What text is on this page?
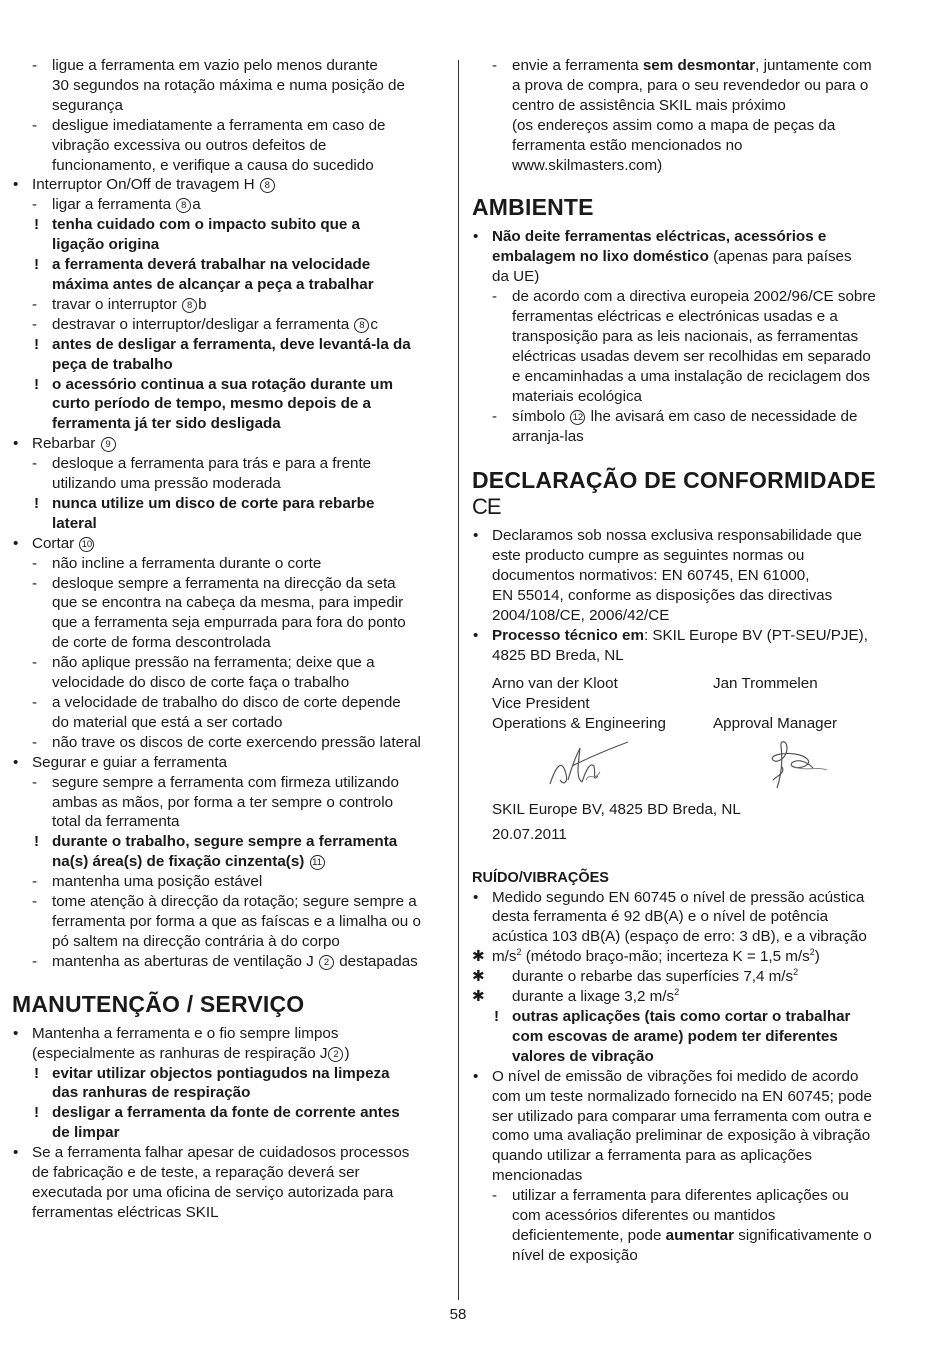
- ligue a ferramenta em vazio pelo menos durante
30 segundos na rotação máxima e numa posição de
segurança
- desligue imediatamente a ferramenta em caso de
vibração excessiva ou outros defeitos de
funcionamento, e verifique a causa do sucedido
• Interruptor On/Off de travagem H 8
- ligar a ferramenta 8 a
! tenha cuidado com o impacto subito que a
ligação origina
! a ferramenta deverá trabalhar na velocidade
máxima antes de alcançar a peça a trabalhar
- travar o interruptor 8 b
- destravar o interruptor/desligar a ferramenta 8 c
! antes de desligar a ferramenta, deve levantá-la da
peça de trabalho
! o acessório continua a sua rotação durante um
curto período de tempo, mesmo depois de a
ferramenta já ter sido desligada
• Rebarbar 9
- desloque a ferramenta para trás e para a frente
utilizando uma pressão moderada
! nunca utilize um disco de corte para rebarbe
lateral
• Cortar 10
- não incline a ferramenta durante o corte
- desloque sempre a ferramenta na direcção da seta
que se encontra na cabeça da mesma, para impedir
que a ferramenta seja empurrada para fora do ponto
de corte de forma descontrolada
- não aplique pressão na ferramenta; deixe que a
velocidade do disco de corte faça o trabalho
- a velocidade de trabalho do disco de corte depende
do material que está a ser cortado
- não trave os discos de corte exercendo pressão lateral
• Segurar e guiar a ferramenta
- segure sempre a ferramenta com firmeza utilizando
ambas as mãos, por forma a ter sempre o controlo
total da ferramenta
! durante o trabalho, segure sempre a ferramenta
na(s) área(s) de fixação cinzenta(s) 11
- mantenha uma posição estável
- tome atenção à direcção da rotação; segure sempre a
ferramenta por forma a que as faíscas e a limalha ou o
pó saltem na direcção contrária à do corpo
- mantenha as aberturas de ventilação J 2 destapadas
MANUTENÇÃO / SERVIÇO
• Mantenha a ferramenta e o fio sempre limpos
(especialmente as ranhuras de respiração J 2 )
! evitar utilizar objectos pontiagudos na limpeza
das ranhuras de respiração
! desligar a ferramenta da fonte de corrente antes
de limpar
• Se a ferramenta falhar apesar de cuidadosos processos
de fabricação e de teste, a reparação deverá ser
executada por uma oficina de serviço autorizada para
ferramentas eléctricas SKIL
- envie a ferramenta sem desmontar, juntamente com
a prova de compra, para o seu revendedor ou para o
centro de assistência SKIL mais próximo
(os endereços assim como a mapa de peças da
ferramenta estão mencionados no
www.skilmasters.com)
AMBIENTE
• Não deite ferramentas eléctricas, acessórios e
embalagem no lixo doméstico (apenas para países
da UE)
- de acordo com a directiva europeia 2002/96/CE sobre
ferramentas eléctricas e electrónicas usadas e a
transposição para as leis nacionais, as ferramentas
eléctricas usadas devem ser recolhidas em separado
e encaminhadas a uma instalação de reciclagem dos
materiais ecológica
- símbolo 12 lhe avisará em caso de necessidade de
arranja-las
DECLARAÇÃO DE CONFORMIDADE
CE
• Declaramos sob nossa exclusiva responsabilidade que
este producto cumpre as seguintes normas ou
documentos normativos: EN 60745, EN 61000,
EN 55014, conforme as disposições das directivas
2004/108/CE, 2006/42/CE
• Processo técnico em: SKIL Europe BV (PT-SEU/PJE),
4825 BD Breda, NL
Arno van der Kloot
Vice President
Operations & Engineering
Jan Trommelen
Approval Manager
SKIL Europe BV, 4825 BD Breda, NL
20.07.2011
RUÍDO/VIBRAÇÕES
• Medido segundo EN 60745 o nível de pressão acústica
desta ferramenta é 92 dB(A) e o nível de potência
acústica 103 dB(A) (espaço de erro: 3 dB), e a vibração
✱ $m/s^2$ (método braço-mão; incerteza K = 1,5 $m/s^2$)
✱ durante o rebarbe das superfícies 7,4 $m/s^2$
✱ durante a lixage 3,2 $m/s^2$
! outras aplicações (tais como cortar o trabalhar
com escovas de arame) podem ter diferentes
valores de vibração
• O nível de emissão de vibrações foi medido de acordo
com um teste normalizado fornecido na EN 60745; pode
ser utilizado para comparar uma ferramenta com outra e
como uma avaliação preliminar de exposição à vibração
quando utilizar a ferramenta para as aplicações
mencionadas
- utilizar a ferramenta para diferentes aplicações ou
com acessórios diferentes ou mantidos
deficientemente, pode aumentar significativamente o
nível de exposição
58
